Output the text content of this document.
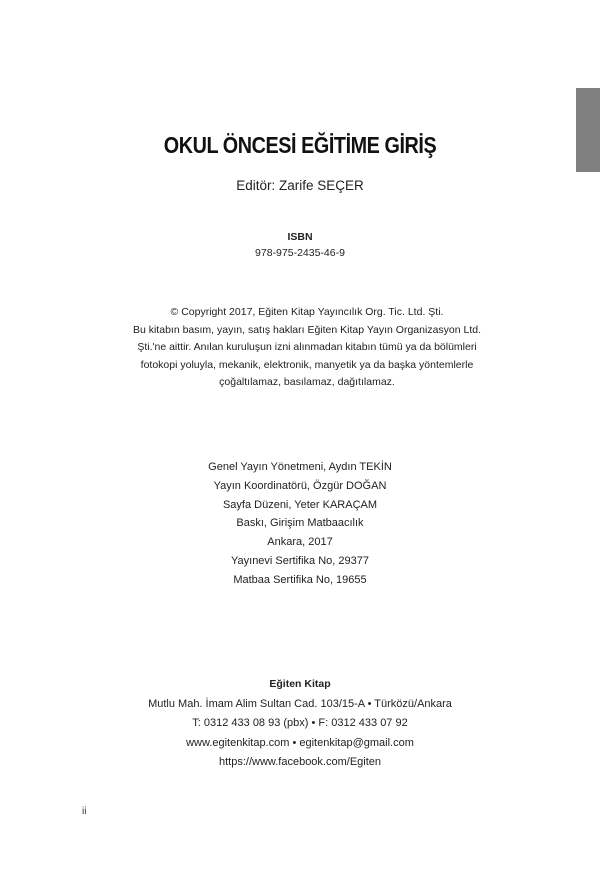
OKUL ÖNCESİ EĞİTİME GİRİŞ
Editör: Zarife SEÇER
ISBN
978-975-2435-46-9
© Copyright 2017, Eğiten Kitap Yayıncılık Org. Tic. Ltd. Şti.
Bu kitabın basım, yayın, satış hakları Eğiten Kitap Yayın Organizasyon Ltd.
Şti.'ne aittir. Anılan kuruluşun izni alınmadan kitabın tümü ya da bölümleri
fotokopi yoluyla, mekanik, elektronik, manyetik ya da başka yöntemlerle
çoğaltılamaz, basılamaz, dağıtılamaz.
Genel Yayın Yönetmeni, Aydın TEKİN
Yayın Koordinatörü, Özgür DOĞAN
Sayfa Düzeni, Yeter KARAÇAM
Baskı, Girişim Matbaacılık
Ankara, 2017
Yayınevi Sertifika No, 29377
Matbaa Sertifika No, 19655
Eğiten Kitap
Mutlu Mah. İmam Alim Sultan Cad. 103/15-A • Türközü/Ankara
T: 0312 433 08 93 (pbx) • F: 0312 433 07 92
www.egitenkitap.com • egitenkitap@gmail.com
https://www.facebook.com/Egiten
ii
